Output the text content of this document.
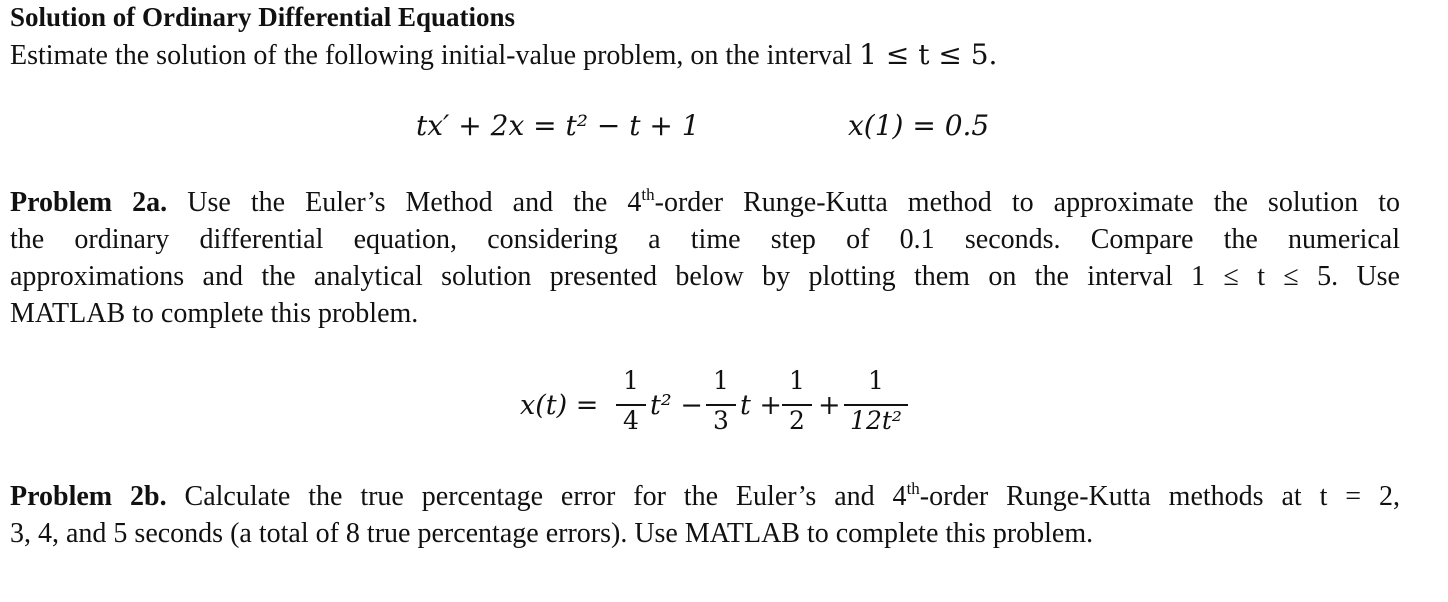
Solution of Ordinary Differential Equations
Estimate the solution of the following initial-value problem, on the interval 1 ≤ t ≤ 5.
tx′ + 2x = t² − t + 1	x(1) = 0.5
Problem 2a. Use the Euler’s Method and the 4th-order Runge-Kutta method to approximate the solution to
the ordinary differential equation, considering a time step of 0.1 seconds. Compare the numerical
approximations and the analytical solution presented below by plotting them on the interval 1 ≤ t ≤ 5. Use
MATLAB to complete this problem.
x(t) =
1
4 t² −
1
3 t +
1
2 +
1
12t²
Problem 2b. Calculate the true percentage error for the Euler’s and 4th-order Runge-Kutta methods at t = 2,
3, 4, and 5 seconds (a total of 8 true percentage errors). Use MATLAB to complete this problem.
